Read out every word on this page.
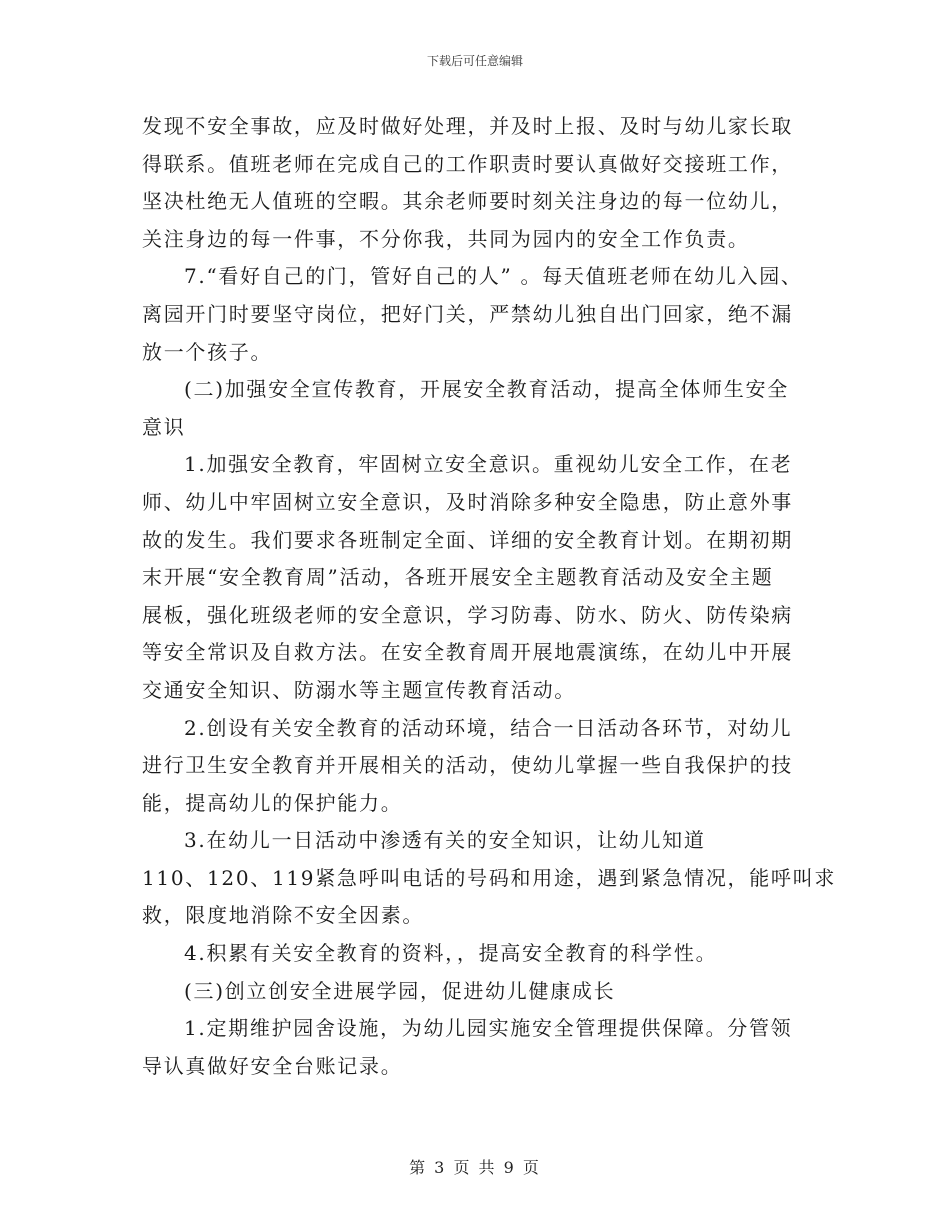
下载后可任意编辑
发现不安全事故，应及时做好处理，并及时上报、及时与幼儿家长取
得联系。值班老师在完成自己的工作职责时要认真做好交接班工作，
坚决杜绝无人值班的空暇。其余老师要时刻关注身边的每一位幼儿，
关注身边的每一件事，不分你我，共同为园内的安全工作负责。
7.“看好自己的门，管好自己的人” 。每天值班老师在幼儿入园、
离园开门时要坚守岗位，把好门关，严禁幼儿独自出门回家，绝不漏
放一个孩子。
(二)加强安全宣传教育，开展安全教育活动，提高全体师生安全
意识
1.加强安全教育，牢固树立安全意识。重视幼儿安全工作，在老
师、幼儿中牢固树立安全意识，及时消除多种安全隐患，防止意外事
故的发生。我们要求各班制定全面、详细的安全教育计划。在期初期
末开展“安全教育周”活动，各班开展安全主题教育活动及安全主题
展板，强化班级老师的安全意识，学习防毒、防水、防火、防传染病
等安全常识及自救方法。在安全教育周开展地震演练，在幼儿中开展
交通安全知识、防溺水等主题宣传教育活动。
2.创设有关安全教育的活动环境，结合一日活动各环节，对幼儿
进行卫生安全教育并开展相关的活动，使幼儿掌握一些自我保护的技
能，提高幼儿的保护能力。
3.在幼儿一日活动中渗透有关的安全知识，让幼儿知道
110、120、119紧急呼叫电话的号码和用途，遇到紧急情况，能呼叫求
救，限度地消除不安全因素。
4.积累有关安全教育的资料，，提高安全教育的科学性。
(三)创立创安全进展学园，促进幼儿健康成长
1.定期维护园舍设施，为幼儿园实施安全管理提供保障。分管领
导认真做好安全台账记录。
第 3 页 共 9 页
